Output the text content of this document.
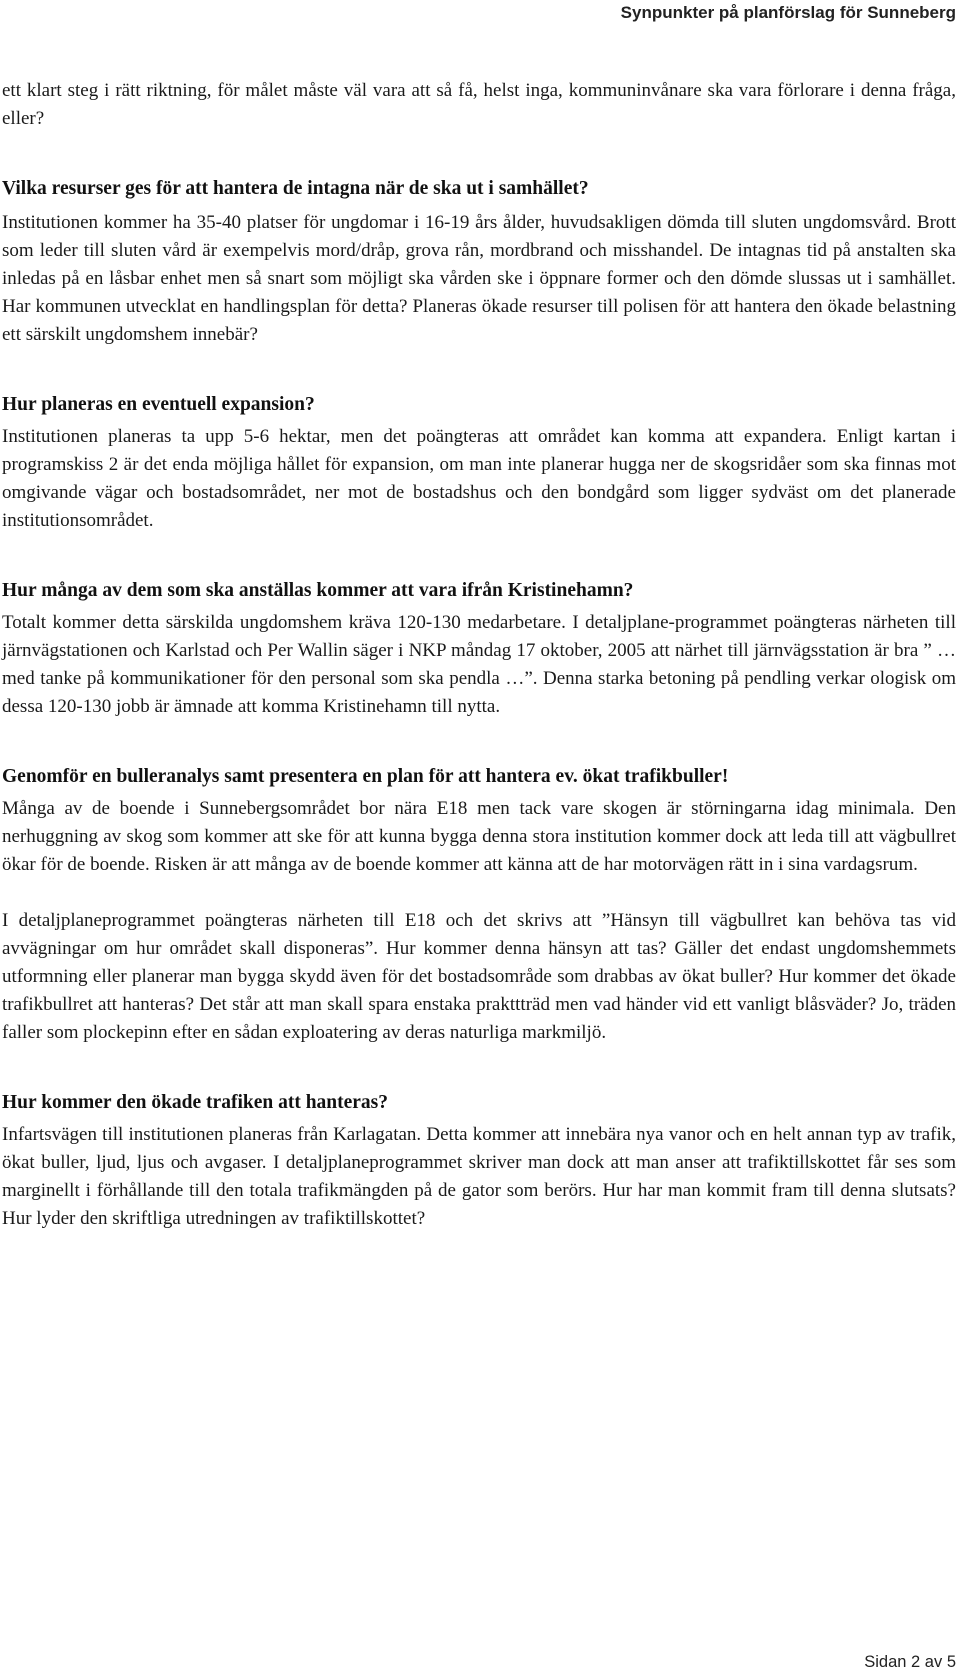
Synpunkter på planförslag för Sunneberg

ett klart steg i rätt riktning, för målet måste väl vara att så få, helst inga, kommuninvånare ska vara förlorare i denna fråga, eller?

Vilka resurser ges för att hantera de intagna när de ska ut i samhället?

Institutionen kommer ha 35-40 platser för ungdomar i 16-19 års ålder, huvudsakligen dömda till sluten ungdomsvård. Brott som leder till sluten vård är exempelvis mord/dråp, grova rån, mordbrand och misshandel. De intagnas tid på anstalten ska inledas på en låsbar enhet men så snart som möjligt ska vården ske i öppnare former och den dömde slussas ut i samhället. Har kommunen utvecklat en handlingsplan för detta? Planeras ökade resurser till polisen för att hantera den ökade belastning ett särskilt ungdomshem innebär?

Hur planeras en eventuell expansion?

Institutionen planeras ta upp 5-6 hektar, men det poängteras att området kan komma att expandera. Enligt kartan i programskiss 2 är det enda möjliga hållet för expansion, om man inte planerar hugga ner de skogsridåer som ska finnas mot omgivande vägar och bostadsområdet, ner mot de bostadshus och den bondgård som ligger sydväst om det planerade institutionsområdet.

Hur många av dem som ska anställas kommer att vara ifrån Kristinehamn?

Totalt kommer detta särskilda ungdomshem kräva 120-130 medarbetare. I detaljplane-programmet poängteras närheten till järnvägstationen och Karlstad och Per Wallin säger i NKP måndag 17 oktober, 2005 att närhet till järnvägsstation är bra ” … med tanke på kommunikationer för den personal som ska pendla …”. Denna starka betoning på pendling verkar ologisk om dessa 120-130 jobb är ämnade att komma Kristinehamn till nytta.

Genomför en bulleranalys samt presentera en plan för att hantera ev. ökat trafikbuller!

Många av de boende i Sunnebergsområdet bor nära E18 men tack vare skogen är störningarna idag minimala. Den nerhuggning av skog som kommer att ske för att kunna bygga denna stora institution kommer dock att leda till att vägbullret ökar för de boende. Risken är att många av de boende kommer att känna att de har motorvägen rätt in i sina vardagsrum.

I detaljplaneprogrammet poängteras närheten till E18 och det skrivs att ”Hänsyn till vägbullret kan behöva tas vid avvägningar om hur området skall disponeras”. Hur kommer denna hänsyn att tas? Gäller det endast ungdomshemmets utformning eller planerar man bygga skydd även för det bostadsområde som drabbas av ökat buller? Hur kommer det ökade trafikbullret att hanteras? Det står att man skall spara enstaka prakttträd men vad händer vid ett vanligt blåsväder? Jo, träden faller som plockepinn efter en sådan exploatering av deras naturliga markmiljö.

Hur kommer den ökade trafiken att hanteras?

Infartsvägen till institutionen planeras från Karlagatan. Detta kommer att innebära nya vanor och en helt annan typ av trafik, ökat buller, ljud, ljus och avgaser. I detaljplaneprogrammet skriver man dock att man anser att trafiktillskottet får ses som marginellt i förhållande till den totala trafikmängden på de gator som berörs. Hur har man kommit fram till denna slutsats? Hur lyder den skriftliga utredningen av trafiktillskottet?

Sidan 2 av 5
